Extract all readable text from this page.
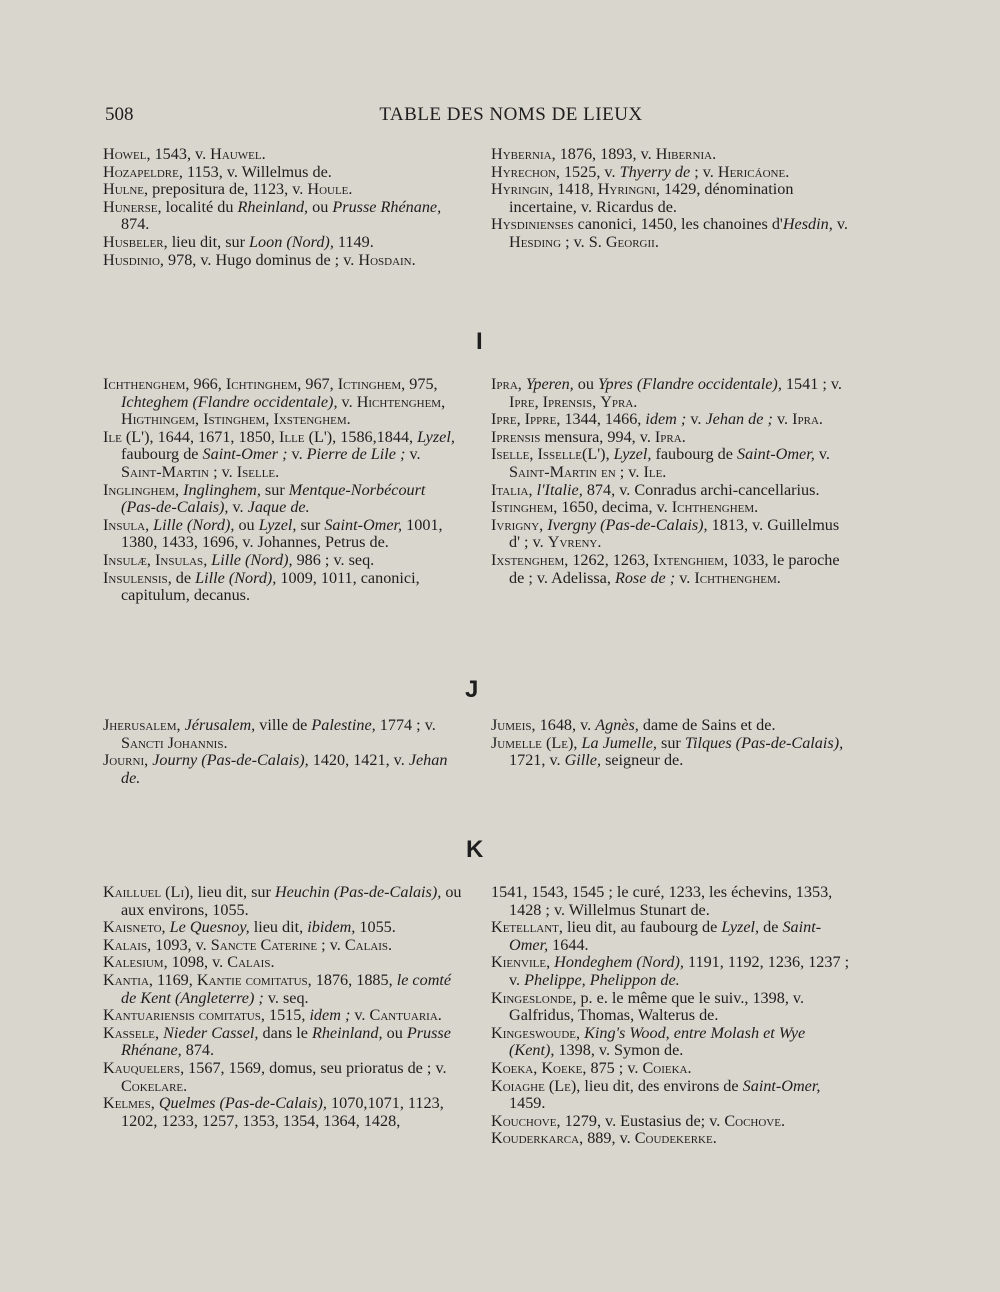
508	TABLE DES NOMS DE LIEUX

Howel, 1543, v. Hauwel.

Hozapeldre, 1153, v. Willelmus de.

Hulne, prepositura de, 1123, v. Houle.

Hunerse, localité du Rheinland, ou Prusse Rhénane, 874.

Husbeler, lieu dit, sur Loon (Nord), 1149.

Husdinio, 978, v. Hugo dominus de ; v. Hosdain.

Hybernia, 1876, 1893, v. Hibernia.

Hyrechon, 1525, v. Thyerry de ; v. Hericáone.

Hyringin, 1418, Hyringni, 1429, dénomination incertaine, v. Ricardus de.

Hysdinienses canonici, 1450, les chanoines d'Hesdin, v. Hesding ; v. S. Georgii.

I

Ichthenghem, 966, Ichtinghem, 967, Ictinghem, 975, Ichteghem (Flandre occidentale), v. Hichtenghem, Higthingem, Istinghem, Ixstenghem.

Ile (L'), 1644, 1671, 1850, Ille (L'), 1586,1844, Lyzel, faubourg de Saint-Omer ; v. Pierre de Lile ; v. Saint-Martin ; v. Iselle.

Inglinghem, Inglinghem, sur Mentque-Norbécourt (Pas-de-Calais), v. Jaque de.

Insula, Lille (Nord), ou Lyzel, sur Saint-Omer, 1001, 1380, 1433, 1696, v. Johannes, Petrus de.

Insulæ, Insulas, Lille (Nord), 986 ; v. seq.

Insulensis, de Lille (Nord), 1009, 1011, canonici, capitulum, decanus.

Ipra, Yperen, ou Ypres (Flandre occidentale), 1541 ; v. Ipre, Iprensis, Ypra.

Ipre, Ippre, 1344, 1466, idem ; v. Jehan de ; v. Ipra.

Iprensis mensura, 994, v. Ipra.

Iselle, Isselle(L'), Lyzel, faubourg de Saint-Omer, v. Saint-Martin en ; v. Ile.

Italia, l'Italie, 874, v. Conradus archi-cancellarius.

Istinghem, 1650, decima, v. Ichthenghem.

Ivrigny, Ivergny (Pas-de-Calais), 1813, v. Guillelmus d' ; v. Yvreny.

Ixstenghem, 1262, 1263, Ixtenghiem, 1033, le paroche de ; v. Adelissa, Rose de ; v. Ichthenghem.

J

Jherusalem, Jérusalem, ville de Palestine, 1774 ; v. Sancti Johannis.

Journi, Journy (Pas-de-Calais), 1420, 1421, v. Jehan de.

Jumeis, 1648, v. Agnès, dame de Sains et de.

Jumelle (Le), La Jumelle, sur Tilques (Pas-de-Calais), 1721, v. Gille, seigneur de.

K

Kailluel (Li), lieu dit, sur Heuchin (Pas-de-Calais), ou aux environs, 1055.

Kaisneto, Le Quesnoy, lieu dit, ibidem, 1055.

Kalais, 1093, v. Sancte Caterine ; v. Calais.

Kalesium, 1098, v. Calais.

Kantia, 1169, Kantie comitatus, 1876, 1885, le comté de Kent (Angleterre) ; v. seq.

Kantuariensis comitatus, 1515, idem ; v. Cantuaria.

Kassele, Nieder Cassel, dans le Rheinland, ou Prusse Rhénane, 874.

Kauquelers, 1567, 1569, domus, seu prioratus de ; v. Cokelare.

Kelmes, Quelmes (Pas-de-Calais), 1070,1071, 1123, 1202, 1233, 1257, 1353, 1354, 1364, 1428,

1541, 1543, 1545 ; le curé, 1233, les échevins, 1353, 1428 ; v. Willelmus Stunart de.

Ketellant, lieu dit, au faubourg de Lyzel, de Saint-Omer, 1644.

Kienvile, Hondeghem (Nord), 1191, 1192, 1236, 1237 ; v. Phelippe, Phelippon de.

Kingeslonde, p. e. le même que le suiv., 1398, v. Galfridus, Thomas, Walterus de.

Kingeswoude, King's Wood, entre Molash et Wye (Kent), 1398, v. Symon de.

Koeka, Koeke, 875 ; v. Coieka.

Koiaghe (Le), lieu dit, des environs de Saint-Omer, 1459.

Kouchove, 1279, v. Eustasius de; v. Cochove.

Kouderkarca, 889, v. Coudekerke.
